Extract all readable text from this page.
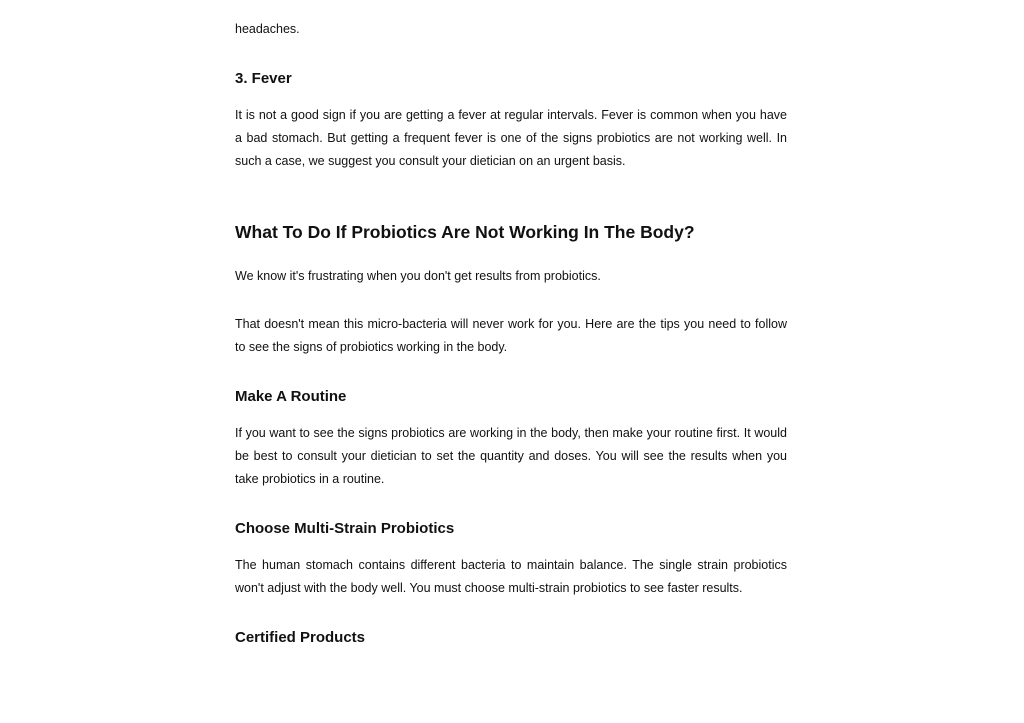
headaches.

3. Fever

It is not a good sign if you are getting a fever at regular intervals. Fever is common when you have a bad stomach. But getting a frequent fever is one of the signs probiotics are not working well. In such a case, we suggest you consult your dietician on an urgent basis.

What To Do If Probiotics Are Not Working In The Body?

We know it's frustrating when you don't get results from probiotics.

That doesn't mean this micro-bacteria will never work for you. Here are the tips you need to follow to see the signs of probiotics working in the body.

Make A Routine

If you want to see the signs probiotics are working in the body, then make your routine first. It would be best to consult your dietician to set the quantity and doses. You will see the results when you take probiotics in a routine.

Choose Multi-Strain Probiotics

The human stomach contains different bacteria to maintain balance. The single strain probiotics won't adjust with the body well. You must choose multi-strain probiotics to see faster results.

Certified Products
